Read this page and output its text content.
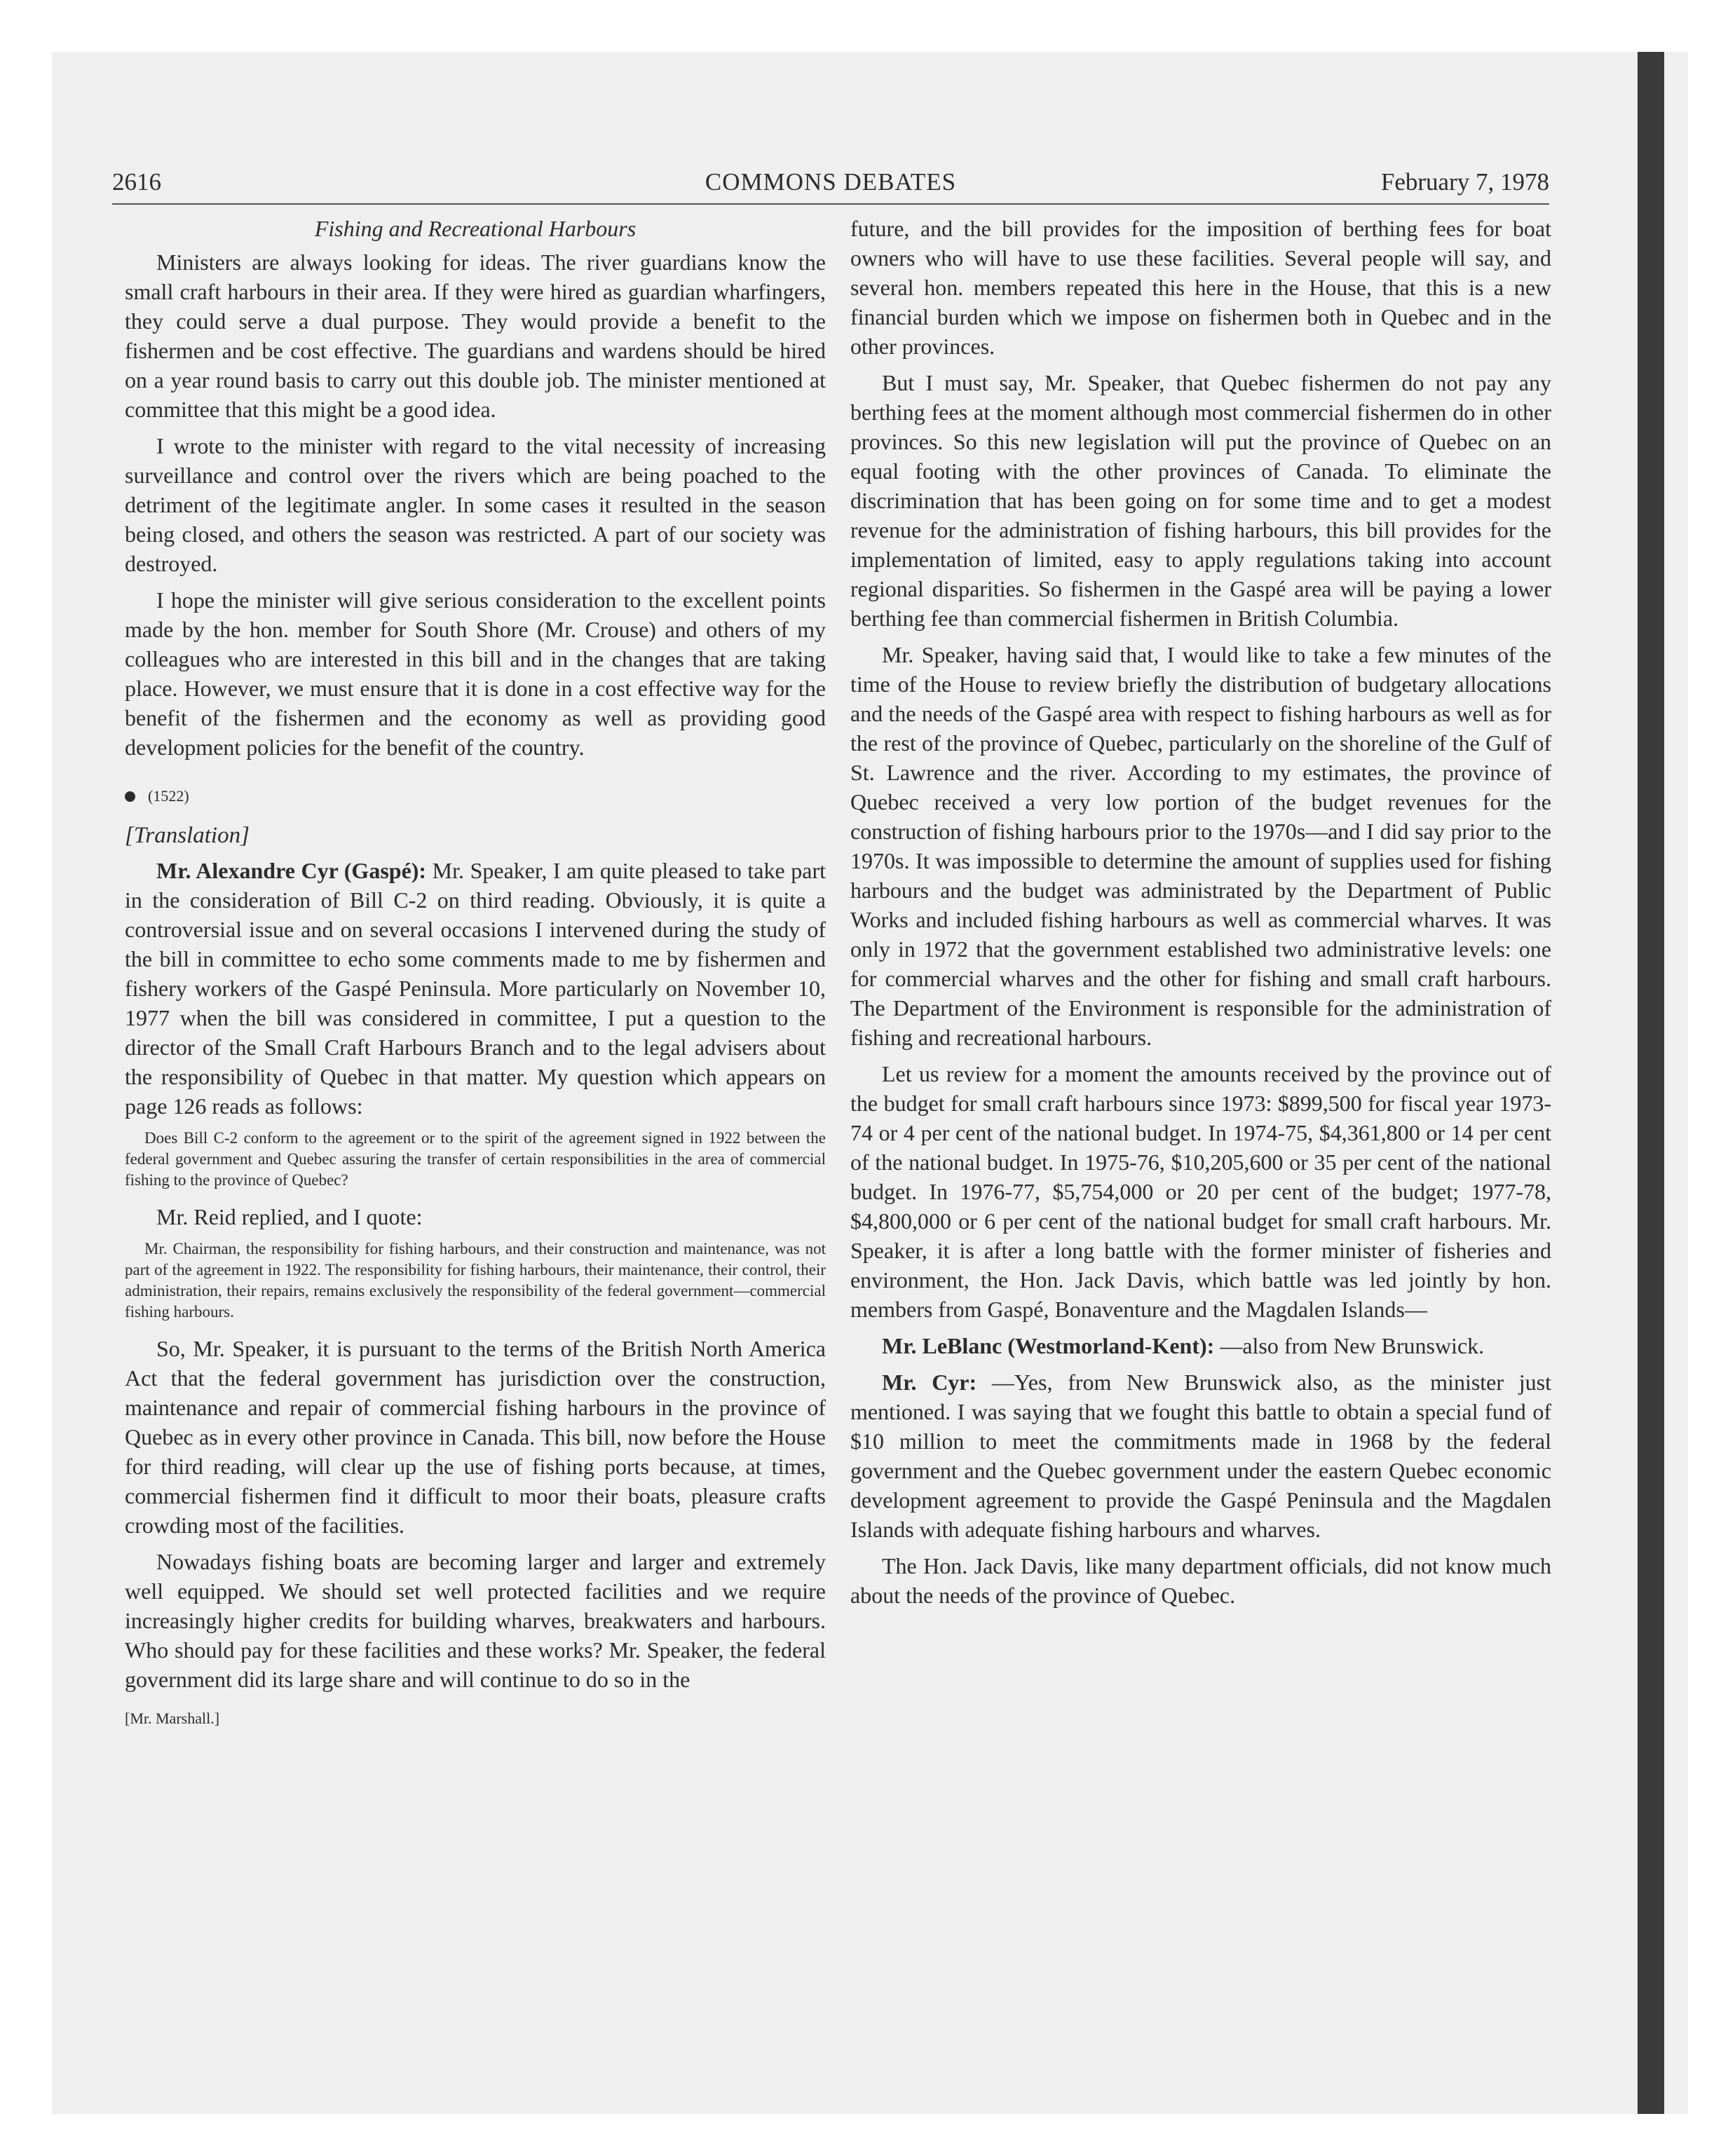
2616	COMMONS DEBATES	February 7, 1978
Fishing and Recreational Harbours

Ministers are always looking for ideas. The river guardians know the small craft harbours in their area. If they were hired as guardian wharfingers, they could serve a dual purpose. They would provide a benefit to the fishermen and be cost effective. The guardians and wardens should be hired on a year round basis to carry out this double job. The minister mentioned at committee that this might be a good idea.

I wrote to the minister with regard to the vital necessity of increasing surveillance and control over the rivers which are being poached to the detriment of the legitimate angler. In some cases it resulted in the season being closed, and others the season was restricted. A part of our society was destroyed.

I hope the minister will give serious consideration to the excellent points made by the hon. member for South Shore (Mr. Crouse) and others of my colleagues who are interested in this bill and in the changes that are taking place. However, we must ensure that it is done in a cost effective way for the benefit of the fishermen and the economy as well as providing good development policies for the benefit of the country.

(1522)
[Translation]

Mr. Alexandre Cyr (Gaspé): Mr. Speaker, I am quite pleased to take part in the consideration of Bill C-2 on third reading. Obviously, it is quite a controversial issue and on several occasions I intervened during the study of the bill in committee to echo some comments made to me by fishermen and fishery workers of the Gaspé Peninsula. More particularly on November 10, 1977 when the bill was considered in committee, I put a question to the director of the Small Craft Harbours Branch and to the legal advisers about the responsibility of Quebec in that matter. My question which appears on page 126 reads as follows:

Does Bill C-2 conform to the agreement or to the spirit of the agreement signed in 1922 between the federal government and Quebec assuring the transfer of certain responsibilities in the area of commercial fishing to the province of Quebec?

Mr. Reid replied, and I quote:

Mr. Chairman, the responsibility for fishing harbours, and their construction and maintenance, was not part of the agreement in 1922. The responsibility for fishing harbours, their maintenance, their control, their administration, their repairs, remains exclusively the responsibility of the federal government—commercial fishing harbours.

So, Mr. Speaker, it is pursuant to the terms of the British North America Act that the federal government has jurisdiction over the construction, maintenance and repair of commercial fishing harbours in the province of Quebec as in every other province in Canada. This bill, now before the House for third reading, will clear up the use of fishing ports because, at times, commercial fishermen find it difficult to moor their boats, pleasure crafts crowding most of the facilities.

Nowadays fishing boats are becoming larger and larger and extremely well equipped. We should set well protected facilities and we require increasingly higher credits for building wharves, breakwaters and harbours. Who should pay for these facilities and these works? Mr. Speaker, the federal government did its large share and will continue to do so in the

[Mr. Marshall.]

future, and the bill provides for the imposition of berthing fees for boat owners who will have to use these facilities. Several people will say, and several hon. members repeated this here in the House, that this is a new financial burden which we impose on fishermen both in Quebec and in the other provinces.

But I must say, Mr. Speaker, that Quebec fishermen do not pay any berthing fees at the moment although most commercial fishermen do in other provinces. So this new legislation will put the province of Quebec on an equal footing with the other provinces of Canada. To eliminate the discrimination that has been going on for some time and to get a modest revenue for the administration of fishing harbours, this bill provides for the implementation of limited, easy to apply regulations taking into account regional disparities. So fishermen in the Gaspé area will be paying a lower berthing fee than commercial fishermen in British Columbia.

Mr. Speaker, having said that, I would like to take a few minutes of the time of the House to review briefly the distribution of budgetary allocations and the needs of the Gaspé area with respect to fishing harbours as well as for the rest of the province of Quebec, particularly on the shoreline of the Gulf of St. Lawrence and the river. According to my estimates, the province of Quebec received a very low portion of the budget revenues for the construction of fishing harbours prior to the 1970s—and I did say prior to the 1970s. It was impossible to determine the amount of supplies used for fishing harbours and the budget was administrated by the Department of Public Works and included fishing harbours as well as commercial wharves. It was only in 1972 that the government established two administrative levels: one for commercial wharves and the other for fishing and small craft harbours. The Department of the Environment is responsible for the administration of fishing and recreational harbours.

Let us review for a moment the amounts received by the province out of the budget for small craft harbours since 1973: $899,500 for fiscal year 1973-74 or 4 per cent of the national budget. In 1974-75, $4,361,800 or 14 per cent of the national budget. In 1975-76, $10,205,600 or 35 per cent of the national budget. In 1976-77, $5,754,000 or 20 per cent of the budget; 1977-78, $4,800,000 or 6 per cent of the national budget for small craft harbours. Mr. Speaker, it is after a long battle with the former minister of fisheries and environment, the Hon. Jack Davis, which battle was led jointly by hon. members from Gaspé, Bonaventure and the Magdalen Islands—

Mr. LeBlanc (Westmorland-Kent): —also from New Brunswick.

Mr. Cyr: —Yes, from New Brunswick also, as the minister just mentioned. I was saying that we fought this battle to obtain a special fund of $10 million to meet the commitments made in 1968 by the federal government and the Quebec government under the eastern Quebec economic development agreement to provide the Gaspé Peninsula and the Magdalen Islands with adequate fishing harbours and wharves.

The Hon. Jack Davis, like many department officials, did not know much about the needs of the province of Quebec.
